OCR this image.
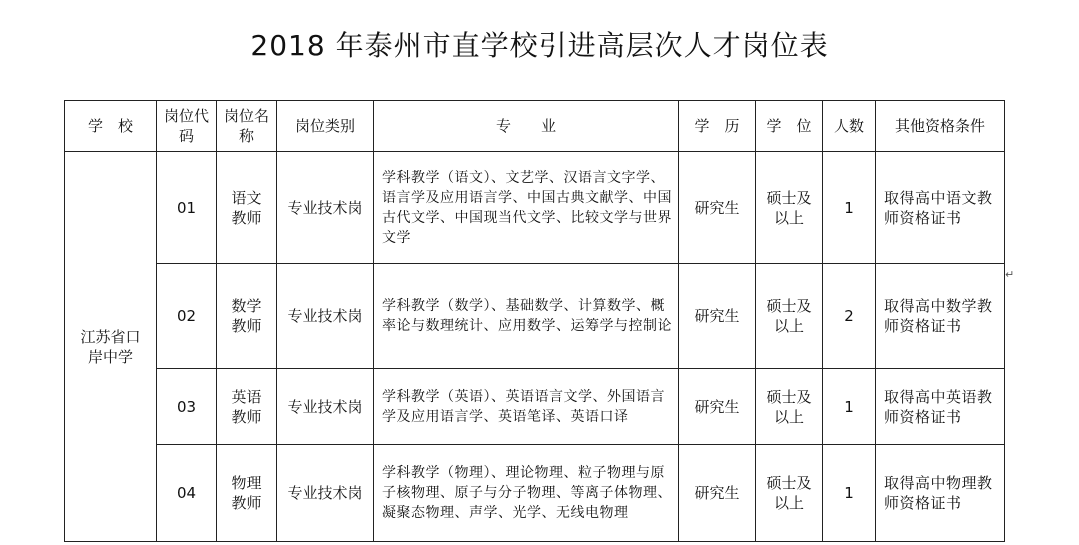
2018 年泰州市直学校引进高层次人才岗位表
学　校	岗位代码	岗位名称	岗位类别	专　　业	学　历	学　位	人数	其他资格条件
江苏省口岸中学	01	语文教师	专业技术岗	学科教学（语文）、文艺学、汉语言文字学、语言学及应用语言学、中国古典文献学、中国古代文学、中国现当代文学、比较文学与世界文学	研究生	硕士及以上	1	取得高中语文教师资格证书
	02	数学教师	专业技术岗	学科教学（数学）、基础数学、计算数学、概率论与数理统计、应用数学、运筹学与控制论	研究生	硕士及以上	2	取得高中数学教师资格证书
	03	英语教师	专业技术岗	学科教学（英语）、英语语言文学、外国语言学及应用语言学、英语笔译、英语口译	研究生	硕士及以上	1	取得高中英语教师资格证书
	04	物理教师	专业技术岗	学科教学（物理）、理论物理、粒子物理与原子核物理、原子与分子物理、等离子体物理、凝聚态物理、声学、光学、无线电物理	研究生	硕士及以上	1	取得高中物理教师资格证书
↵
